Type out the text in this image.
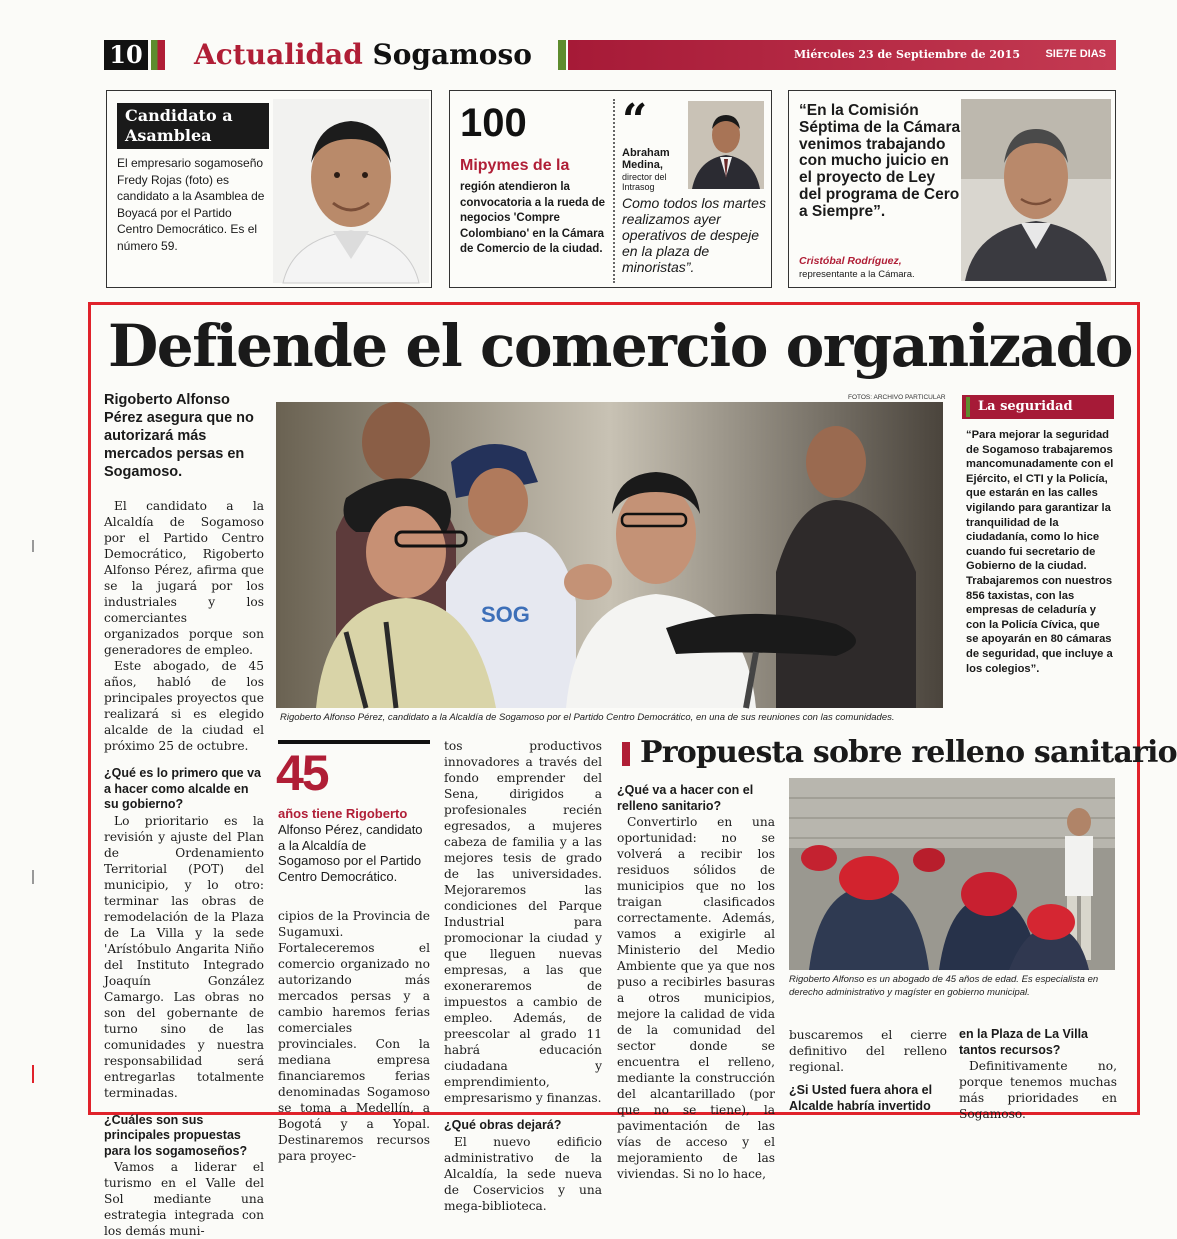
10 Actualidad Sogamoso	Miércoles 23 de Septiembre de 2015 SIE7E DIAS
Candidato a Asamblea
El empresario sogamoseño Fredy Rojas (foto) es candidato a la Asamblea de Boyacá por el Partido Centro Democrático. Es el número 59.
100
Mipymes de la
región atendieron la convocatoria a la rueda de negocios 'Compre Colombiano' en la Cámara de Comercio de la ciudad.
“
Abraham Medina,
director del Intrasog
Como todos los martes realizamos ayer operativos de despeje en la plaza de minoristas”.
“En la Comisión Séptima de la Cámara venimos trabajando con mucho juicio en el proyecto de Ley del programa de Cero a Siempre”.
Cristóbal Rodríguez,
representante a la Cámara.
Defiende el comercio organizado
Rigoberto Alfonso Pérez asegura que no autorizará más mercados persas en Sogamoso.

El candidato a la Alcaldía de Sogamoso por el Partido Centro Democrático, Rigoberto Alfonso Pérez, afirma que se la jugará por los industriales y los comerciantes organizados porque son generadores de empleo.

Este abogado, de 45 años, habló de los principales proyectos que realizará si es elegido alcalde de la ciudad el próximo 25 de octubre.

¿Qué es lo primero que va a hacer como alcalde en su gobierno?

Lo prioritario es la revisión y ajuste del Plan de Ordenamiento Territorial (POT) del municipio, y lo otro: terminar las obras de remodelación de la Plaza de La Villa y la sede 'Arístóbulo Angarita Niño del Instituto Integrado Joaquín González Camargo. Las obras no son del gobernante de turno sino de las comunidades y nuestra responsabilidad será entregarlas totalmente terminadas.

¿Cuáles son sus principales propuestas para los sogamoseños?

Vamos a liderar el turismo en el Valle del Sol mediante una estrategia integrada con los demás muni-

FOTOS: ARCHIVO PARTICULAR
SOG
Rigoberto Alfonso Pérez, candidato a la Alcaldía de Sogamoso por el Partido Centro Democrático, en una de sus reuniones con las comunidades.
La seguridad
“Para mejorar la seguridad de Sogamoso trabajaremos mancomunadamente con el Ejército, el CTI y la Policía, que estarán en las calles vigilando para garantizar la tranquilidad de la ciudadanía, como lo hice cuando fui secretario de Gobierno de la ciudad. Trabajaremos con nuestros 856 taxistas, con las empresas de celaduría y con la Policía Cívica, que se apoyarán en 80 cámaras de seguridad, que incluye a los colegios”.
45
años tiene Rigoberto
Alfonso Pérez, candidato a la Alcaldía de Sogamoso por el Partido Centro Democrático.

cipios de la Provincia de Sugamuxi. Fortaleceremos el comercio organizado no autorizando más mercados persas y a cambio haremos ferias comerciales provinciales. Con la mediana empresa financiaremos ferias denominadas Sogamoso se toma a Medellín, a Bogotá y a Yopal. Destinaremos recursos para proyec-

tos productivos innovadores a través del fondo emprender del Sena, dirigidos a profesionales recién egresados, a mujeres cabeza de familia y a las mejores tesis de grado de las universidades. Mejoraremos las condiciones del Parque Industrial para promocionar la ciudad y que lleguen nuevas empresas, a las que exoneraremos de impuestos a cambio de empleo. Además, de preescolar al grado 11 habrá educación ciudadana y emprendimiento, empresarismo y finanzas.

¿Qué obras dejará?

El nuevo edificio administrativo de la Alcaldía, la sede nueva de Coservicios y una mega-biblioteca.

Propuesta sobre relleno sanitario

¿Qué va a hacer con el relleno sanitario?

Convertirlo en una oportunidad: no se volverá a recibir los residuos sólidos de municipios que no los traigan clasificados correctamente. Además, vamos a exigirle al Ministerio del Medio Ambiente que ya que nos puso a recibirles basuras a otros municipios, mejore la calidad de vida de la comunidad del sector donde se encuentra el relleno, mediante la construcción del alcantarillado (por que no se tiene), la pavimentación de las vías de acceso y el mejoramiento de las viviendas. Si no lo hace,

Rigoberto Alfonso es un abogado de 45 años de edad. Es especialista en derecho administrativo y magíster en gobierno municipal.

buscaremos el cierre definitivo del relleno regional.

¿Si Usted fuera ahora el Alcalde habría invertido

en la Plaza de La Villa tantos recursos?

Definitivamente no, porque tenemos muchas más prioridades en Sogamoso.
